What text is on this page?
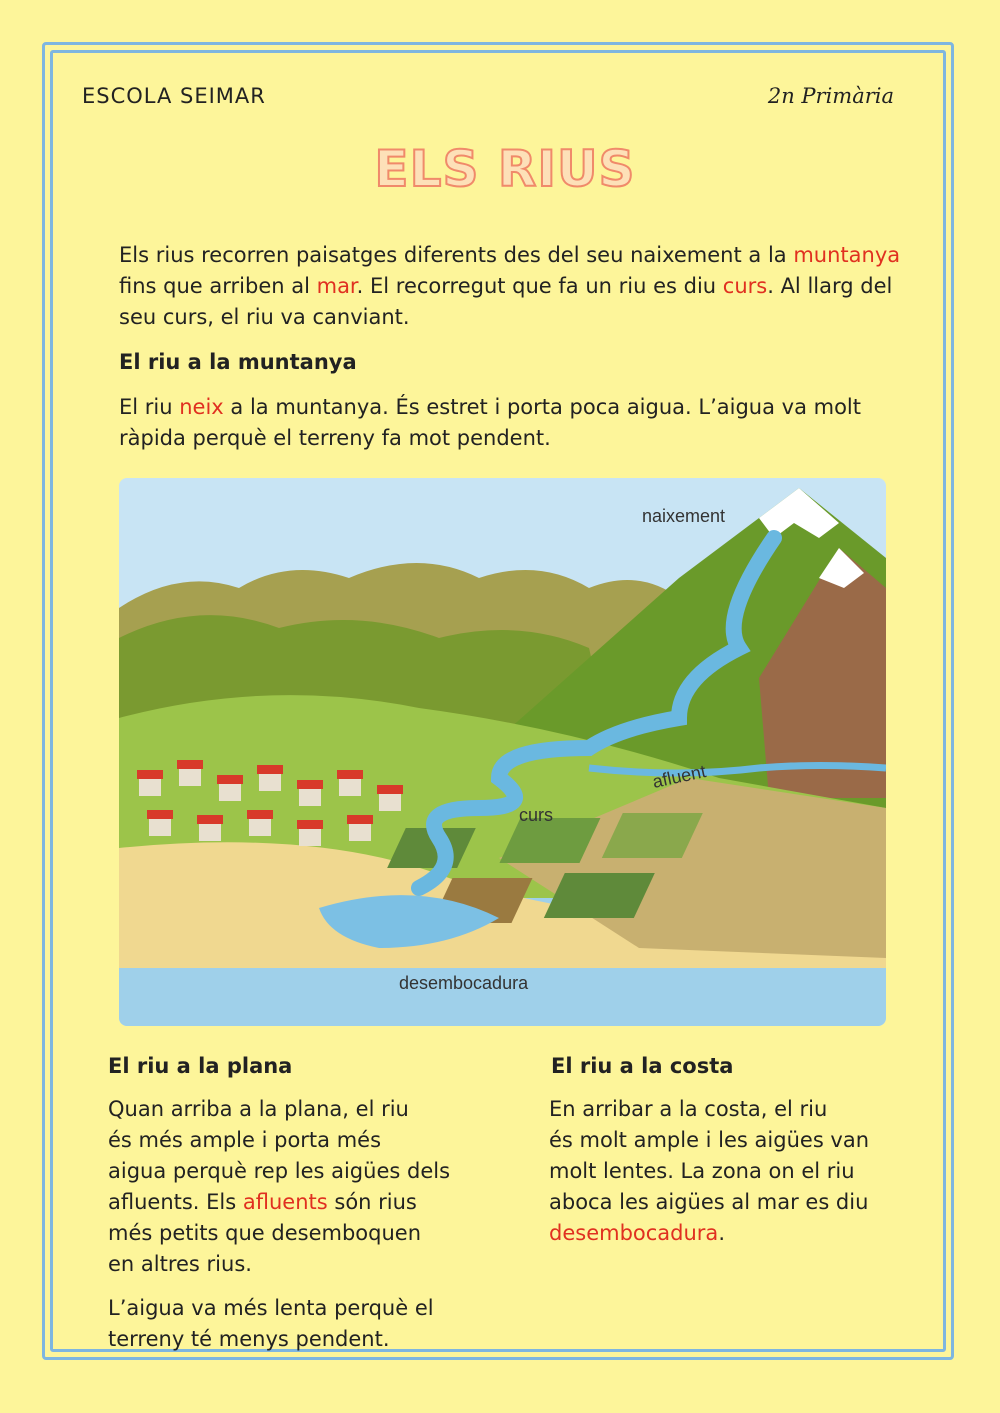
ESCOLA SEIMAR	2n Primària
ELS RIUS
Els rius recorren paisatges diferents des del seu naixement a la muntanya fins que arriben al mar. El recorregut que fa un riu es diu curs. Al llarg del seu curs, el riu va canviant.
El riu a la muntanya
El riu neix a la muntanya. És estret i porta poca aigua. L’aigua va molt ràpida perquè el terreny fa mot pendent.
naixement
afluent
curs
desembocadura
El riu a la plana
Quan arriba a la plana, el riu
és més ample i porta més
aigua perquè rep les aigües dels
afluents. Els afluents són rius
més petits que desemboquen
en altres rius.
L’aigua va més lenta perquè el
terreny té menys pendent.
El riu a la costa
En arribar a la costa, el riu
és molt ample i les aigües van
molt lentes. La zona on el riu
aboca les aigües al mar es diu
desembocadura.
